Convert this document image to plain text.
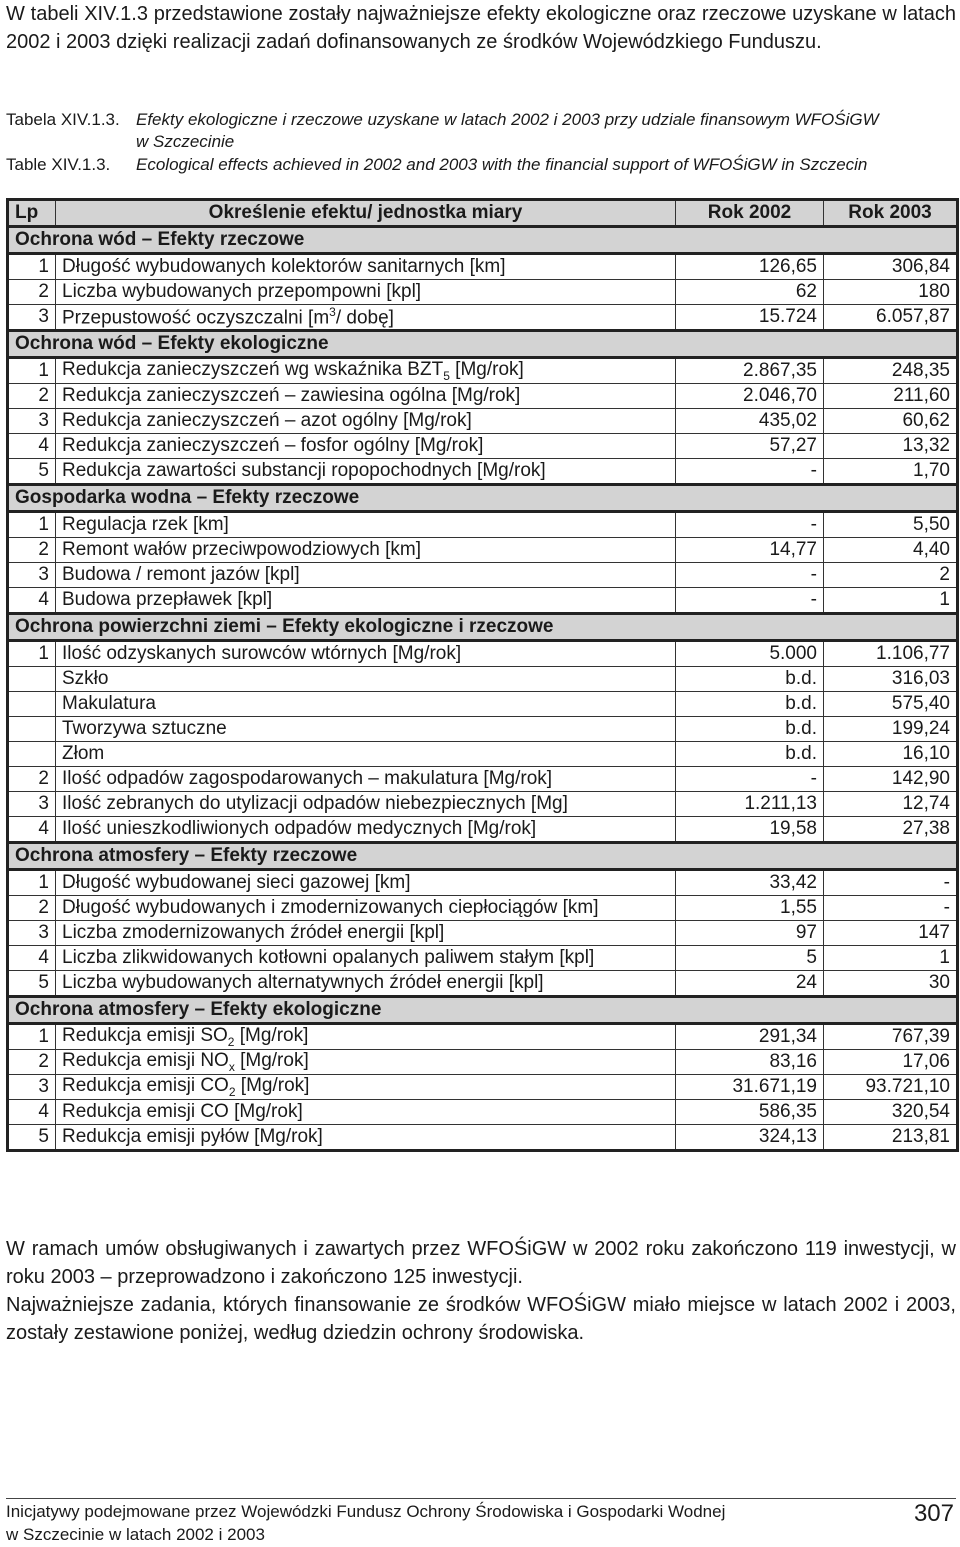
W tabeli XIV.1.3 przedstawione zostały najważniejsze efekty ekologiczne oraz rzeczowe uzyskane w latach 2002 i 2003 dzięki realizacji zadań dofinansowanych ze środków Wojewódzkiego Funduszu.

Tabela XIV.1.3. Efekty ekologiczne i rzeczowe uzyskane w latach 2002 i 2003 przy udziale finansowym WFOŚiGW

w Szczecinie

Table XIV.1.3. Ecological effects achieved in 2002 and 2003 with the financial support of WFOŚiGW in Szczecin

Lp	Określenie efektu/ jednostka miary	Rok 2002	Rok 2003
Ochrona wód – Efekty rzeczowe			
1	Długość wybudowanych kolektorów sanitarnych [km]	126,65	306,84
2	Liczba wybudowanych przepompowni [kpl]	62	180
3	Przepustowość oczyszczalni [$m^3/$ dobę]	15.724	6.057,87
Ochrona wód – Efekty ekologiczne			
1	Redukcja zanieczyszczeń wg wskaźnika $BZT_5$ [Mg/rok]	2.867,35	248,35
2	Redukcja zanieczyszczeń – zawiesina ogólna [Mg/rok]	2.046,70	211,60
3	Redukcja zanieczyszczeń – azot ogólny [Mg/rok]	435,02	60,62
4	Redukcja zanieczyszczeń – fosfor ogólny [Mg/rok]	57,27	13,32
5	Redukcja zawartości substancji ropopochodnych [Mg/rok]	-	1,70
Gospodarka wodna – Efekty rzeczowe			
1	Regulacja rzek [km]	-	5,50
2	Remont wałów przeciwpowodziowych [km]	14,77	4,40
3	Budowa / remont jazów [kpl]	-	2
4	Budowa przepławek [kpl]	-	1
Ochrona powierzchni ziemi – Efekty ekologiczne i rzeczowe			
1	Ilość odzyskanych surowców wtórnych [Mg/rok]	5.000	1.106,77
	Szkło	b.d.	316,03
	Makulatura	b.d.	575,40
	Tworzywa sztuczne	b.d.	199,24
	Złom	b.d.	16,10
2	Ilość odpadów zagospodarowanych – makulatura [Mg/rok]	-	142,90
3	Ilość zebranych do utylizacji odpadów niebezpiecznych [Mg]	1.211,13	12,74
4	Ilość unieszkodliwionych odpadów medycznych [Mg/rok]	19,58	27,38
Ochrona atmosfery – Efekty rzeczowe			
1	Długość wybudowanej sieci gazowej [km]	33,42	-
2	Długość wybudowanych i zmodernizowanych ciepłociągów [km]	1,55	-
3	Liczba zmodernizowanych źródeł energii [kpl]	97	147
4	Liczba zlikwidowanych kotłowni opalanych paliwem stałym [kpl]	5	1
5	Liczba wybudowanych alternatywnych źródeł energii [kpl]	24	30
Ochrona atmosfery – Efekty ekologiczne			
1	Redukcja emisji $SO_2$ [Mg/rok]	291,34	767,39
2	Redukcja emisji $NO_x$ [Mg/rok]	83,16	17,06
3	Redukcja emisji $CO_2$ [Mg/rok]	31.671,19	93.721,10
4	Redukcja emisji CO [Mg/rok]	586,35	320,54
5	Redukcja emisji pyłów [Mg/rok]	324,13	213,81

W ramach umów obsługiwanych i zawartych przez WFOŚiGW w 2002 roku zakończono 119 inwestycji, w roku 2003 – przeprowadzono i zakończono 125 inwestycji.
Najważniejsze zadania, których finansowanie ze środków WFOŚiGW miało miejsce w latach 2002 i 2003, zostały zestawione poniżej, według dziedzin ochrony środowiska.

Inicjatywy podejmowane przez Wojewódzki Fundusz Ochrony Środowiska i Gospodarki Wodnej
w Szczecinie w latach 2002 i 2003

307
